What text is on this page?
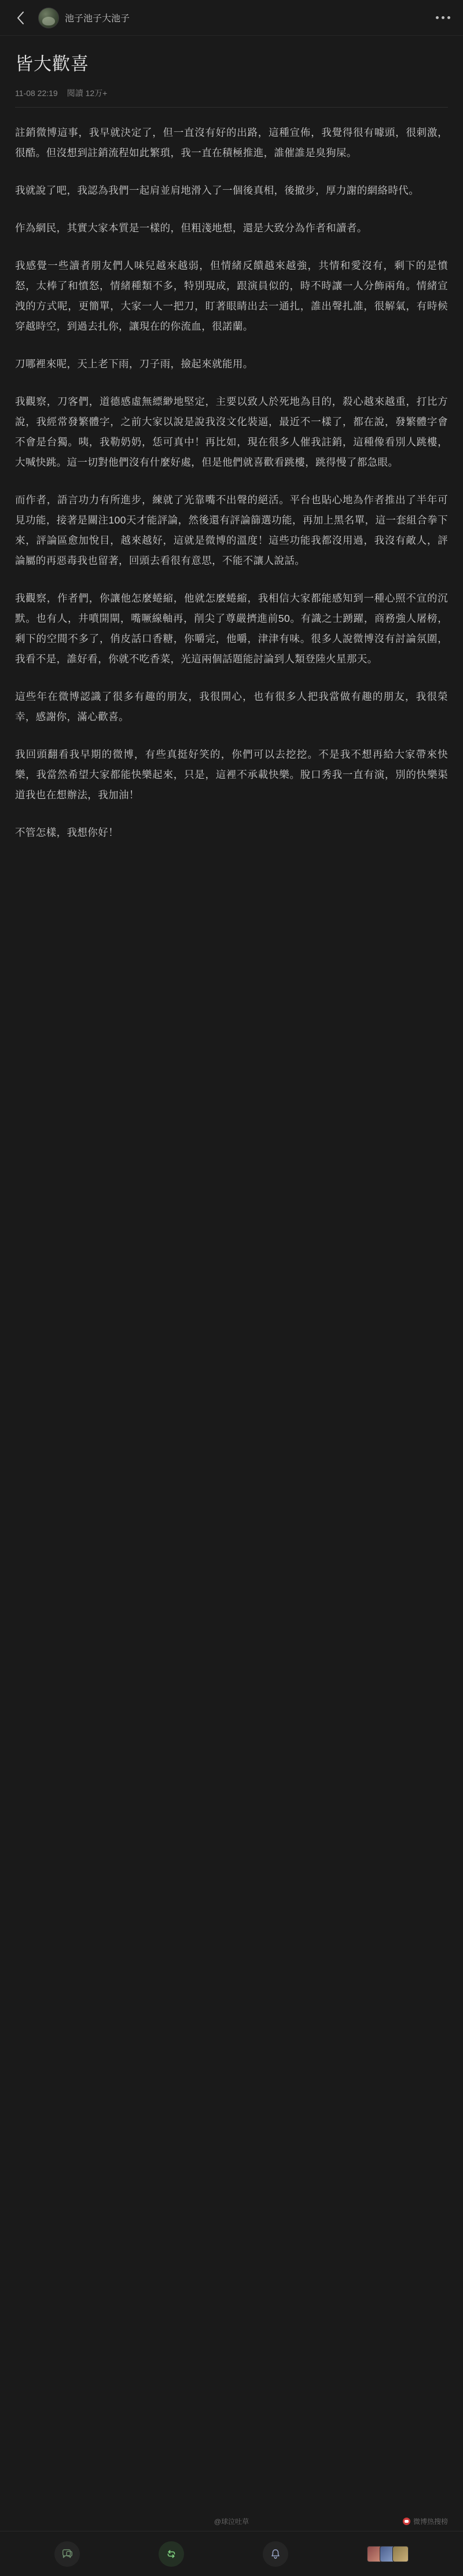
池子池子大池子
皆大歡喜
11-08 22:19 閱讀 12万+

註銷微博這事，我早就決定了，但一直沒有好的出路，這種宣佈，我覺得很有噱頭，很刺激，很酷。但沒想到註銷流程如此繁瑣，我一直在積極推進，誰催誰是臭狗屎。

我就說了吧，我認為我們一起肩並肩地滑入了一個後真相，後撤步，厚力謝的網絡時代。

作為網民，其實大家本質是一樣的，但粗淺地想，還是大致分為作者和讀者。

我感覺一些讀者朋友們人味兒越來越弱，但情緒反饋越來越強，共情和愛沒有，剩下的是憤怒，太棒了和憤怒，情緒種類不多，特別現成，跟演員似的，時不時讓一人分飾兩角。情緒宣洩的方式呢，更簡單，大家一人一把刀，盯著眼睛出去一通扎，誰出聲扎誰，很解氣，有時候穿越時空，到過去扎你，讓現在的你流血，很諾蘭。

刀哪裡來呢，天上老下雨，刀子雨，撿起來就能用。

我觀察，刀客們，道德感虛無縹緲地堅定，主要以致人於死地為目的，殺心越來越重，打比方說，我經常發繁體字，之前大家以說是說我沒文化裝逼，最近不一樣了，都在說，發繁體字會不會是台獨。咦，我勒奶奶，恁可真中！再比如，現在很多人催我註銷，這種像看別人跳樓，大喊快跳。這一切對他們沒有什麼好處，但是他們就喜歡看跳樓，跳得慢了都急眼。

而作者，語言功力有所進步，練就了光靠嘴不出聲的絕活。平台也貼心地為作者推出了半年可見功能，接著是關注100天才能評論，然後還有評論篩選功能，再加上黑名單，這一套組合拳下來，評論區愈加悅目，越來越好，這就是微博的溫度！這些功能我都沒用過，我沒有敵人，評論屬的再惡毒我也留著，回頭去看很有意思，不能不讓人說話。

我觀察，作者們，你讓他怎麼蜷縮，他就怎麼蜷縮，我相信大家都能感知到一種心照不宣的沉默。也有人，井噴開閘，嘴噘線軸再，削尖了尊嚴擠進前50。有識之士踴躍，商務強人屠榜，剩下的空間不多了，俏皮話口香糖，你嚼完，他嚼，津津有味。很多人說微博沒有討論氛圍，我看不是，誰好看，你就不吃香菜，光這兩個話題能討論到人類登陸火星那天。

這些年在微博認識了很多有趣的朋友，我很開心，也有很多人把我當做有趣的朋友，我很榮幸，感謝你，滿心歡喜。

我回頭翻看我早期的微博，有些真挺好笑的，你們可以去挖挖。不是我不想再給大家帶來快樂，我當然希望大家都能快樂起來，只是，這裡不承載快樂。脫口秀我一直有演，別的快樂渠道我也在想辦法，我加油！

不管怎樣，我想你好！

@球泣吐草	微博热搜榜
